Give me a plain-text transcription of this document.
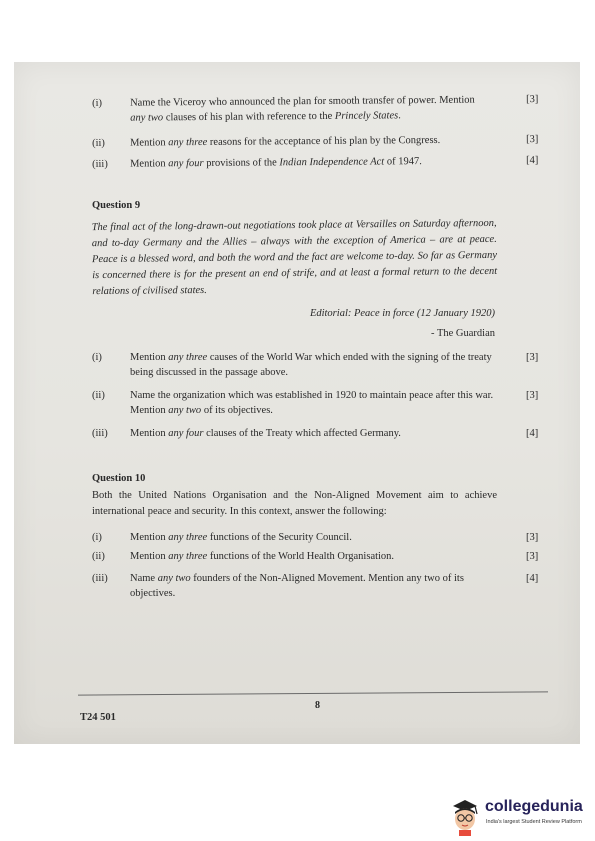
(i)	Name the Viceroy who announced the plan for smooth transfer of power. Mention
any two clauses of his plan with reference to the Princely States.
[3]
(ii) Mention any three reasons for the acceptance of his plan by the Congress.	[3]
(iii) Mention any four provisions of the Indian Independence Act of 1947.	[4]
Question 9
The final act of the long-drawn-out negotiations took place at Versailles on Saturday afternoon, and to-day Germany and the Allies – always with the exception of America – are at peace. Peace is a blessed word, and both the word and the fact are welcome to-day. So far as Germany is concerned there is for the present an end of strife, and at least a formal return to the decent relations of civilised states.
Editorial: Peace in force (12 January 1920)
- The Guardian
(i)	Mention any three causes of the World War which ended with the signing of the treaty being discussed in the passage above.
[3]
(ii) Name the organization which was established in 1920 to maintain peace after this war. Mention any two of its objectives.
[3]
(iii) Mention any four clauses of the Treaty which affected Germany.	[4]
Question 10
Both the United Nations Organisation and the Non-Aligned Movement aim to achieve international peace and security. In this context, answer the following:
(i)	Mention any three functions of the Security Council.	[3]
(ii) Mention any three functions of the World Health Organisation.	[3]
(iii) Name any two founders of the Non-Aligned Movement. Mention any two of its objectives.
[4]
8
T24 501
collegedunia
India's largest Student Review Platform
